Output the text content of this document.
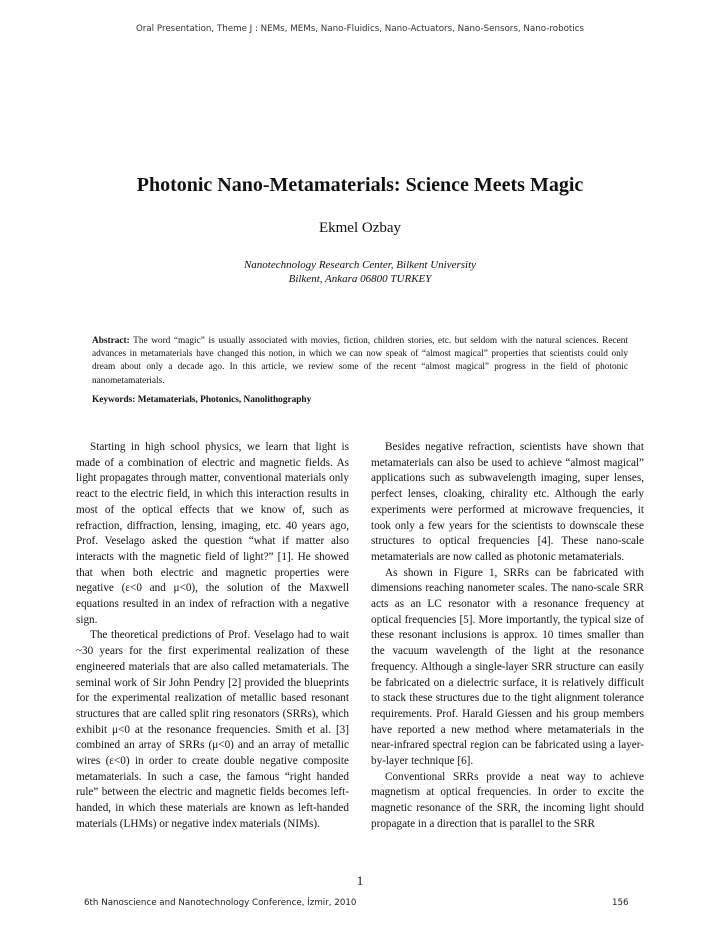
Oral Presentation, Theme J : NEMs, MEMs, Nano-Fluidics, Nano-Actuators, Nano-Sensors, Nano-robotics
Photonic Nano-Metamaterials: Science Meets Magic
Ekmel Ozbay
Nanotechnology Research Center, Bilkent University
Bilkent, Ankara 06800 TURKEY
Abstract: The word “magic” is usually associated with movies, fiction, children stories, etc. but seldom with the natural sciences. Recent advances in metamaterials have changed this notion, in which we can now speak of “almost magical” properties that scientists could only dream about only a decade ago. In this article, we review some of the recent “almost magical” progress in the field of photonic nanometamaterials.
Keywords: Metamaterials, Photonics, Nanolithography

Starting in high school physics, we learn that light is made of a combination of electric and magnetic fields. As light propagates through matter, conventional materials only react to the electric field, in which this interaction results in most of the optical effects that we know of, such as refraction, diffraction, lensing, imaging, etc. 40 years ago, Prof. Veselago asked the question “what if matter also interacts with the magnetic field of light?” [1]. He showed that when both electric and magnetic properties were negative (ε<0 and μ<0), the solution of the Maxwell equations resulted in an index of refraction with a negative sign.

The theoretical predictions of Prof. Veselago had to wait ~30 years for the first experimental realization of these engineered materials that are also called metamaterials. The seminal work of Sir John Pendry [2] provided the blueprints for the experimental realization of metallic based resonant structures that are called split ring resonators (SRRs), which exhibit μ<0 at the resonance frequencies. Smith et al. [3] combined an array of SRRs (μ<0) and an array of metallic wires (ε<0) in order to create double negative composite metamaterials. In such a case, the famous “right handed rule” between the electric and magnetic fields becomes left-handed, in which these materials are known as left-handed materials (LHMs) or negative index materials (NIMs).

Besides negative refraction, scientists have shown that metamaterials can also be used to achieve “almost magical” applications such as subwavelength imaging, super lenses, perfect lenses, cloaking, chirality etc. Although the early experiments were performed at microwave frequencies, it took only a few years for the scientists to downscale these structures to optical frequencies [4]. These nano-scale metamaterials are now called as photonic metamaterials.

As shown in Figure 1, SRRs can be fabricated with dimensions reaching nanometer scales. The nano-scale SRR acts as an LC resonator with a resonance frequency at optical frequencies [5]. More importantly, the typical size of these resonant inclusions is approx. 10 times smaller than the vacuum wavelength of the light at the resonance frequency. Although a single-layer SRR structure can easily be fabricated on a dielectric surface, it is relatively difficult to stack these structures due to the tight alignment tolerance requirements. Prof. Harald Giessen and his group members have reported a new method where metamaterials in the near-infrared spectral region can be fabricated using a layer-by-layer technique [6].

Conventional SRRs provide a neat way to achieve magnetism at optical frequencies. In order to excite the magnetic resonance of the SRR, the incoming light should propagate in a direction that is parallel to the SRR

1
6th Nanoscience and Nanotechnology Conference, İzmir, 2010	156
